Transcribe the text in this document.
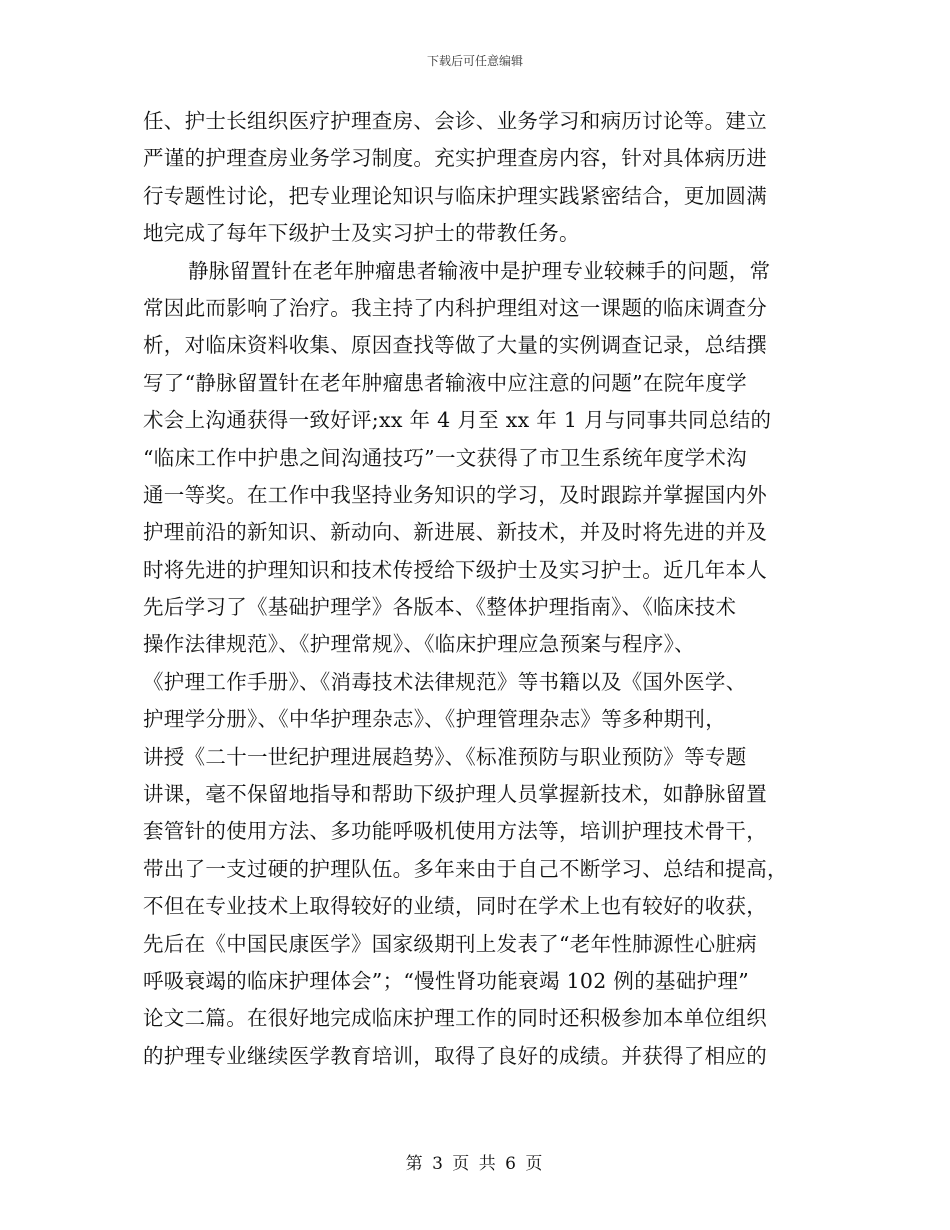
下载后可任意编辑
任、护士长组织医疗护理查房、会诊、业务学习和病历讨论等。建立
严谨的护理查房业务学习制度。充实护理查房内容，针对具体病历进
行专题性讨论，把专业理论知识与临床护理实践紧密结合，更加圆满
地完成了每年下级护士及实习护士的带教任务。
静脉留置针在老年肿瘤患者输液中是护理专业较棘手的问题，常
常因此而影响了治疗。我主持了内科护理组对这一课题的临床调查分
析，对临床资料收集、原因查找等做了大量的实例调查记录，总结撰
写了“静脉留置针在老年肿瘤患者输液中应注意的问题”在院年度学
术会上沟通获得一致好评;xx 年 4 月至 xx 年 1 月与同事共同总结的
“临床工作中护患之间沟通技巧”一文获得了市卫生系统年度学术沟
通一等奖。在工作中我坚持业务知识的学习，及时跟踪并掌握国内外
护理前沿的新知识、新动向、新进展、新技术，并及时将先进的并及
时将先进的护理知识和技术传授给下级护士及实习护士。近几年本人
先后学习了《基础护理学》各版本、《整体护理指南》、《临床技术
操作法律规范》、《护理常规》、《临床护理应急预案与程序》、
《护理工作手册》、《消毒技术法律规范》等书籍以及《国外医学、
护理学分册》、《中华护理杂志》、《护理管理杂志》等多种期刊，
讲授《二十一世纪护理进展趋势》、《标准预防与职业预防》等专题
讲课，毫不保留地指导和帮助下级护理人员掌握新技术，如静脉留置
套管针的使用方法、多功能呼吸机使用方法等，培训护理技术骨干，
带出了一支过硬的护理队伍。多年来由于自己不断学习、总结和提高，
不但在专业技术上取得较好的业绩，同时在学术上也有较好的收获，
先后在《中国民康医学》国家级期刊上发表了“老年性肺源性心脏病
呼吸衰竭的临床护理体会”；“慢性肾功能衰竭 102 例的基础护理”
论文二篇。在很好地完成临床护理工作的同时还积极参加本单位组织
的护理专业继续医学教育培训，取得了良好的成绩。并获得了相应的
第 3 页 共 6 页
